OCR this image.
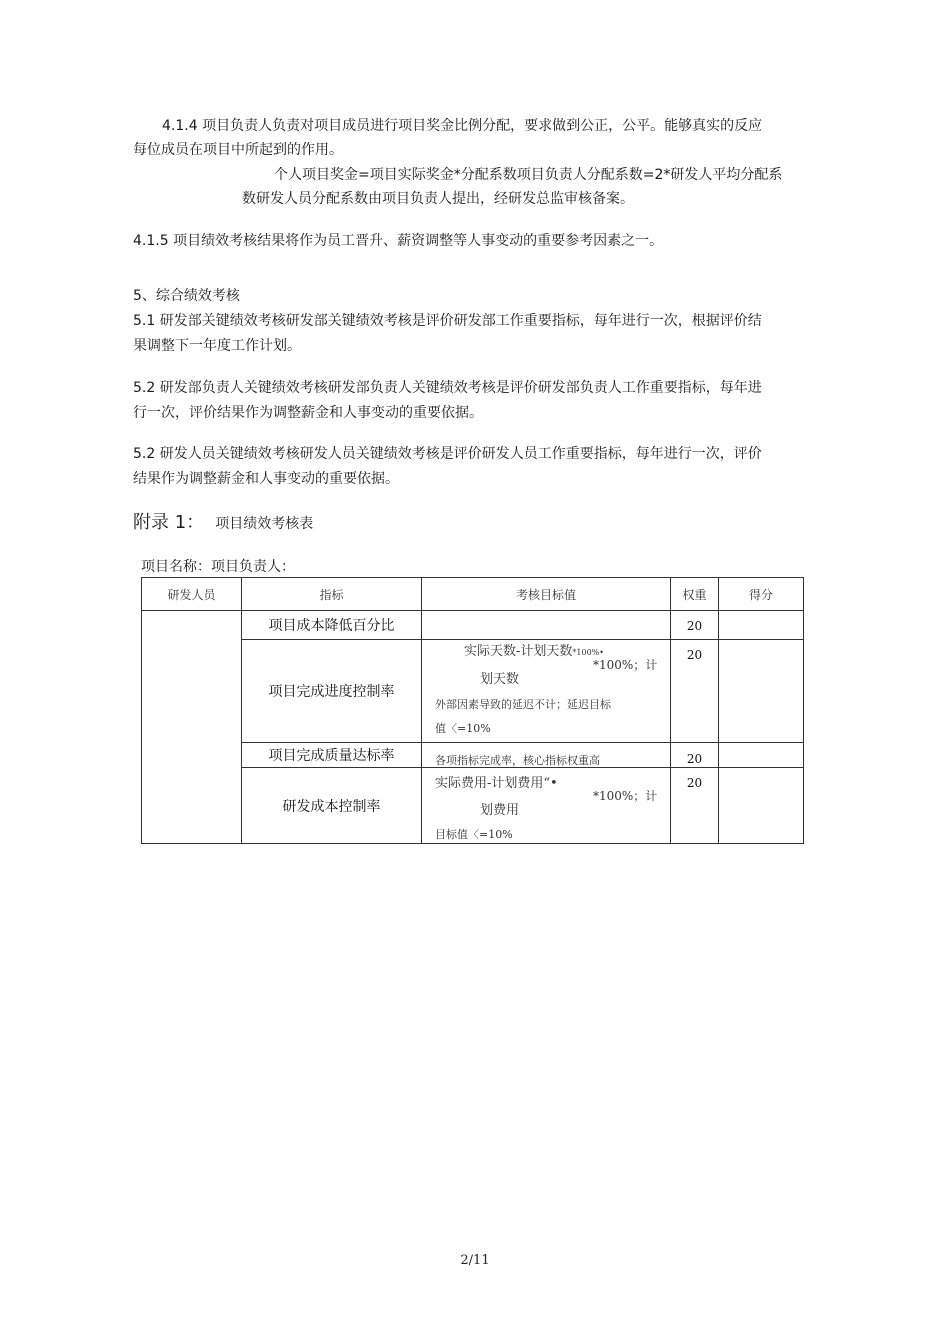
4.1.4 项目负责人负责对项目成员进行项目奖金比例分配，要求做到公正，公平。能够真实的反应
每位成员在项目中所起到的作用。
个人项目奖金=项目实际奖金*分配系数项目负责人分配系数=2*研发人平均分配系
数研发人员分配系数由项目负责人提出，经研发总监审核备案。
4.1.5 项目绩效考核结果将作为员工晋升、薪资调整等人事变动的重要参考因素之一。
5、综合绩效考核
5.1 研发部关键绩效考核研发部关键绩效考核是评价研发部工作重要指标，每年进行一次，根据评价结
果调整下一年度工作计划。
5.2 研发部负责人关键绩效考核研发部负责人关键绩效考核是评价研发部负责人工作重要指标，每年进
行一次，评价结果作为调整薪金和人事变动的重要依据。
5.2 研发人员关键绩效考核研发人员关键绩效考核是评价研发人员工作重要指标，每年进行一次，评价
结果作为调整薪金和人事变动的重要依据。
附录 1： 项目绩效考核表
项目名称：项目负责人：
研发人员	指标	考核目标值	权重	得分
	项目成本降低百分比		20	
	项目完成进度控制率	实际天数-计划天数*100%•
*100%；计
划天数
外部因素导致的延迟不计；延迟目标
值〈=10%	20	
	项目完成质量达标率	各项指标完成率，核心指标权重高	20	
	研发成本控制率	实际费用-计划费用“•
*100%；计
划费用
目标值〈=10%	20	
2/11
